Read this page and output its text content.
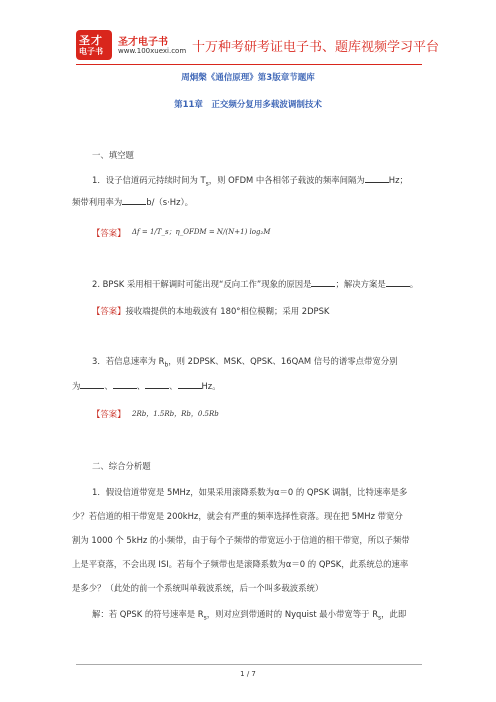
圣才
电子书
圣才电子书
www.100xuexi.com 十万种考研考证电子书、题库视频学习平台
周炯槃《通信原理》第3版章节题库
第11章　正交频分复用多载波调制技术
一、填空题
1．设子信道码元持续时间为 $T_s$，则 OFDM 中各相邻子载波的频率间隔为	Hz；
频带利用率为	b/（s·Hz）。
【答案】 Δf = 1/T_s；η_OFDM = N/(N+1) log₂M
2. BPSK 采用相干解调时可能出现“反向工作”现象的原因是	；解决方案是	。
【答案】接收端提供的本地载波有 180°相位模糊；采用 2DPSK
3．若信息速率为 $R_b$，则 2DPSK、MSK、QPSK、16QAM 信号的谱零点带宽分别
为	、	、	、	Hz。
【答案】 2Rb，1.5Rb，Rb，0.5Rb
二、综合分析题
1．假设信道带宽是 5MHz，如果采用滚降系数为α＝0 的 QPSK 调制，比特速率是多
少？若信道的相干带宽是 200kHz，就会有严重的频率选择性衰落。现在把 5MHz 带宽分
割为 1000 个 5kHz 的小频带，由于每个子频带的带宽远小于信道的相干带宽，所以子频带
上是平衰落，不会出现 ISI。若每个子频带也是滚降系数为α＝0 的 QPSK，此系统总的速率
是多少？（此处的前一个系统叫单载波系统，后一个叫多载波系统）
解：若 QPSK 的符号速率是 $R_s$，则对应到带通时的 Nyquist 最小带宽等于 $R_s$，此即
1 / 7
